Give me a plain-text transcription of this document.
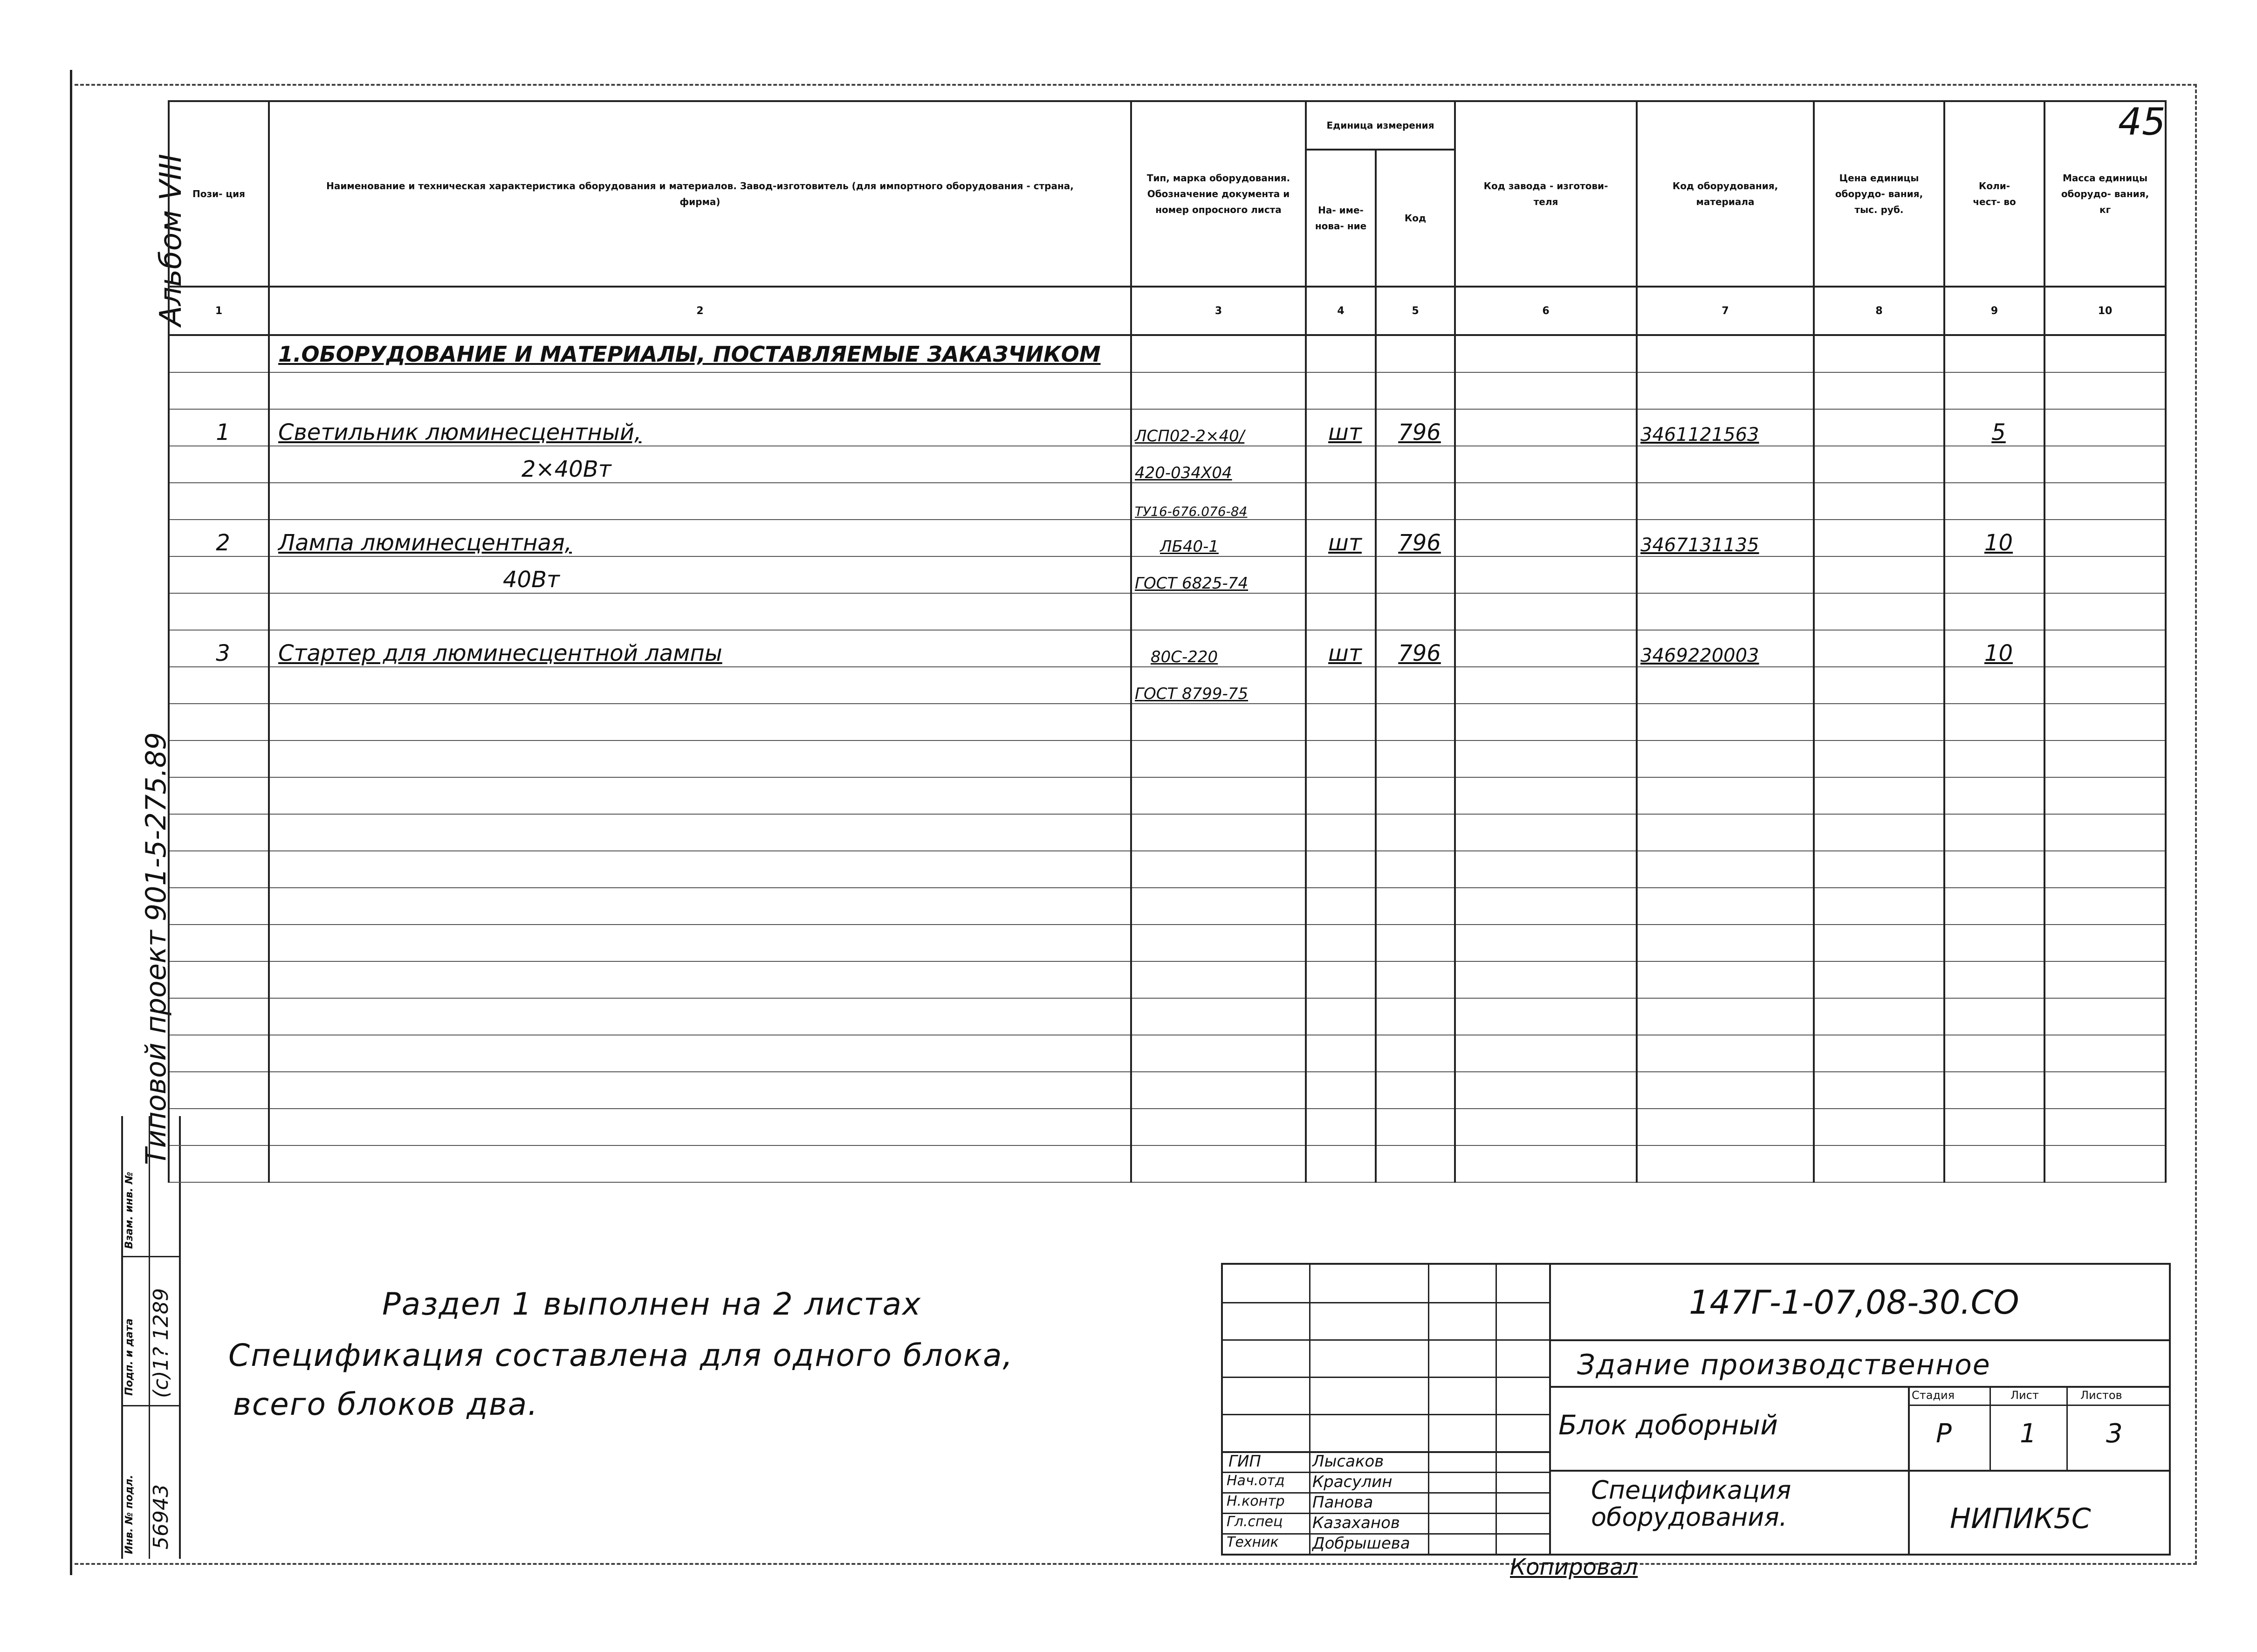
45
Альбом VIII
Типовой проект 901-5-275.89
Взам. инв. №
Подп. и дата
Инв. № подл.
(c)1? 1289
56943
Пози- ция	Наименование и техническая характеристика оборудования и материалов. Завод-изготовитель (для импортного оборудования - страна, фирма)	Тип, марка оборудования. Обозначение документа и номер опросного листа	Единица измерения		Код завода - изготови- теля	Код оборудования, материала	Цена единицы оборудо- вания, тыс. руб.	Коли- чест- во	Масса единицы оборудо- вания, кг
			На- име- нова- ние	Код					
1	2	3	4	5	6	7	8	9	10
	1.ОБОРУДОВАНИЕ И МАТЕРИАЛЫ, ПОСТАВЛЯЕМЫЕ ЗАКАЗЧИКОМ								

1	Светильник люминесцентный,	ЛСП02-2×40/	шт	796		3461121563		5	
	2×40Вт	420-034Х04							
		ТУ16-676.076-84							
2	Лампа люминесцентная,	ЛБ40-1	шт	796		3467131135		10	
	40Вт	ГОСТ 6825-74							

3	Стартер для люминесцентной лампы	80С-220	шт	796		3469220003		10	
		ГОСТ 8799-75							

Раздел 1 выполнен на 2 листах
Спецификация составлена для одного блока,
всего блоков два.
ГИП	Лысаков
Нач.отд Красулин
Н.контр Панова
Гл.спец Казаханов
Техник Добрышева
147Г-1-07,08-30.СО
Здание производственное
Блок доборный
Спецификация оборудования.
Стадия	Лист	Листов
Р	1	3
НИПИК5С
Копировал
